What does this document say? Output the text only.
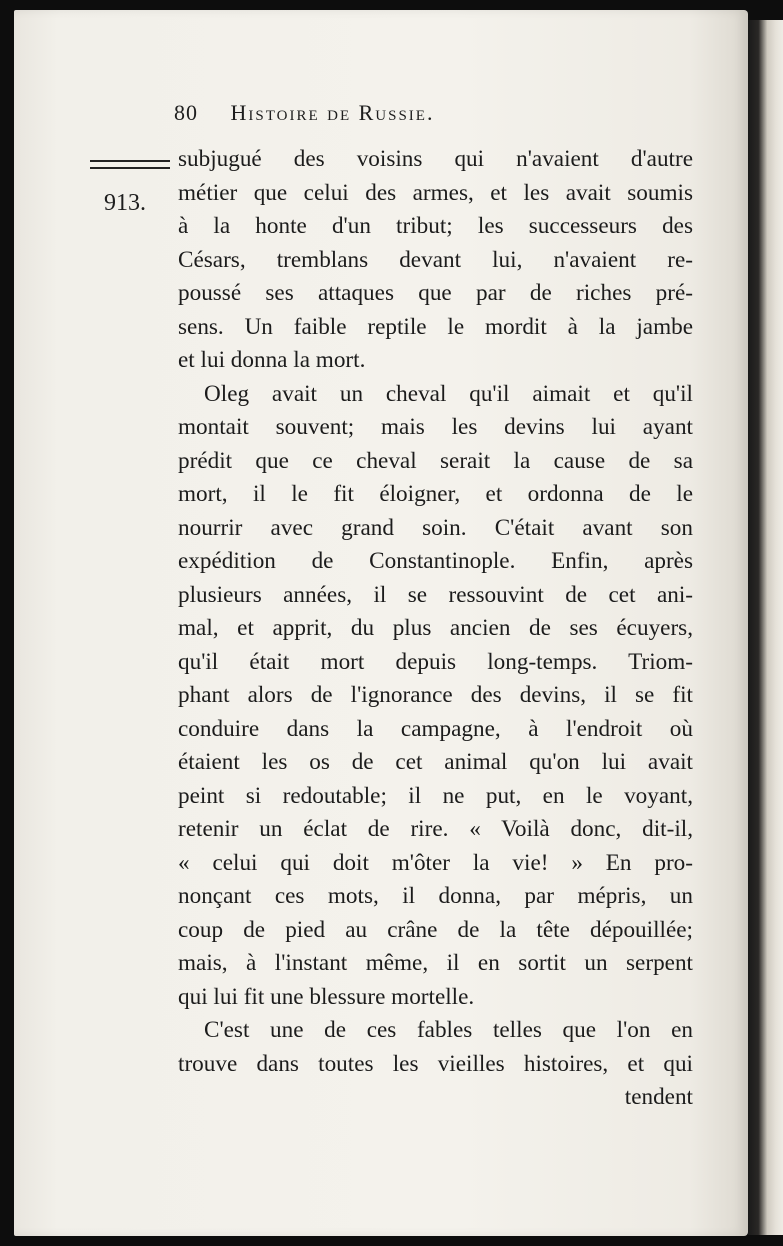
80 Histoire de Russie.
913.
subjugué des voisins qui n'avaient d'autre
métier que celui des armes, et les avait soumis
à la honte d'un tribut; les successeurs des
Césars, tremblans devant lui, n'avaient re-
poussé ses attaques que par de riches pré-
sens. Un faible reptile le mordit à la jambe
et lui donna la mort.
Oleg avait un cheval qu'il aimait et qu'il
montait souvent; mais les devins lui ayant
prédit que ce cheval serait la cause de sa
mort, il le fit éloigner, et ordonna de le
nourrir avec grand soin. C'était avant son
expédition de Constantinople. Enfin, après
plusieurs années, il se ressouvint de cet ani-
mal, et apprit, du plus ancien de ses écuyers,
qu'il était mort depuis long-temps. Triom-
phant alors de l'ignorance des devins, il se fit
conduire dans la campagne, à l'endroit où
étaient les os de cet animal qu'on lui avait
peint si redoutable; il ne put, en le voyant,
retenir un éclat de rire. « Voilà donc, dit-il,
« celui qui doit m'ôter la vie! » En pro-
nonçant ces mots, il donna, par mépris, un
coup de pied au crâne de la tête dépouillée;
mais, à l'instant même, il en sortit un serpent
qui lui fit une blessure mortelle.
C'est une de ces fables telles que l'on en
trouve dans toutes les vieilles histoires, et qui
tendent
